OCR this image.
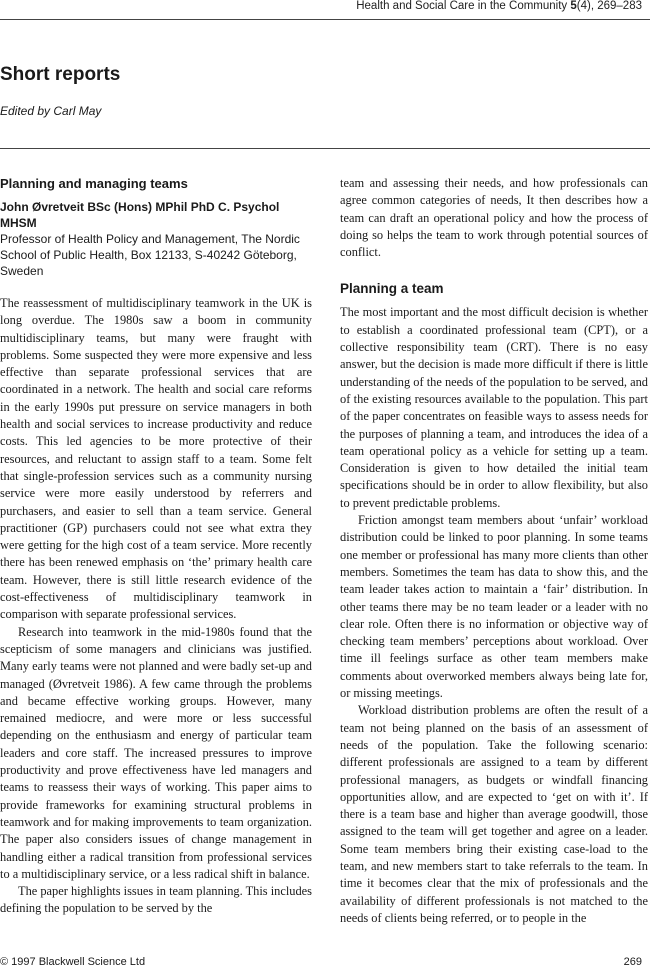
Health and Social Care in the Community 5(4), 269–283
Short reports
Edited by Carl May
Planning and managing teams

John Øvretveit BSc (Hons) MPhil PhD C. Psychol MHSM

Professor of Health Policy and Management, The Nordic School of Public Health, Box 12133, S-40242 Göteborg, Sweden

The reassessment of multidisciplinary teamwork in the UK is long overdue. The 1980s saw a boom in community multidisciplinary teams, but many were fraught with problems. Some suspected they were more expensive and less effective than separate professional services that are coordinated in a network. The health and social care reforms in the early 1990s put pressure on service managers in both health and social services to increase productivity and reduce costs. This led agencies to be more protective of their resources, and reluctant to assign staff to a team. Some felt that single-profession services such as a community nursing service were more easily understood by referrers and purchasers, and easier to sell than a team service. General practitioner (GP) purchasers could not see what extra they were getting for the high cost of a team service. More recently there has been renewed emphasis on ‘the’ primary health care team. However, there is still little research evidence of the cost-effectiveness of multidisciplinary teamwork in comparison with separate professional services.

Research into teamwork in the mid-1980s found that the scepticism of some managers and clinicians was justified. Many early teams were not planned and were badly set-up and managed (Øvretveit 1986). A few came through the problems and became effective working groups. However, many remained mediocre, and were more or less successful depending on the enthusiasm and energy of particular team leaders and core staff. The increased pressures to improve productivity and prove effectiveness have led managers and teams to reassess their ways of working. This paper aims to provide frameworks for examining structural problems in teamwork and for making improvements to team organization. The paper also considers issues of change management in handling either a radical transition from professional services to a multidisciplinary service, or a less radical shift in balance.

The paper highlights issues in team planning. This includes defining the population to be served by the

team and assessing their needs, and how professionals can agree common categories of needs, It then describes how a team can draft an operational policy and how the process of doing so helps the team to work through potential sources of conflict.

Planning a team

The most important and the most difficult decision is whether to establish a coordinated professional team (CPT), or a collective responsibility team (CRT). There is no easy answer, but the decision is made more difficult if there is little understanding of the needs of the population to be served, and of the existing resources available to the population. This part of the paper concentrates on feasible ways to assess needs for the purposes of planning a team, and introduces the idea of a team operational policy as a vehicle for setting up a team. Consideration is given to how detailed the initial team specifications should be in order to allow flexibility, but also to prevent predictable problems.

Friction amongst team members about ‘unfair’ workload distribution could be linked to poor planning. In some teams one member or professional has many more clients than other members. Sometimes the team has data to show this, and the team leader takes action to maintain a ‘fair’ distribution. In other teams there may be no team leader or a leader with no clear role. Often there is no information or objective way of checking team members’ perceptions about workload. Over time ill feelings surface as other team members make comments about overworked members always being late for, or missing meetings.

Workload distribution problems are often the result of a team not being planned on the basis of an assessment of needs of the population. Take the following scenario: different professionals are assigned to a team by different professional managers, as budgets or windfall financing opportunities allow, and are expected to ‘get on with it’. If there is a team base and higher than average goodwill, those assigned to the team will get together and agree on a leader. Some team members bring their existing case-load to the team, and new members start to take referrals to the team. In time it becomes clear that the mix of professionals and the availability of different professionals is not matched to the needs of clients being referred, or to people in the

© 1997 Blackwell Science Ltd	269
